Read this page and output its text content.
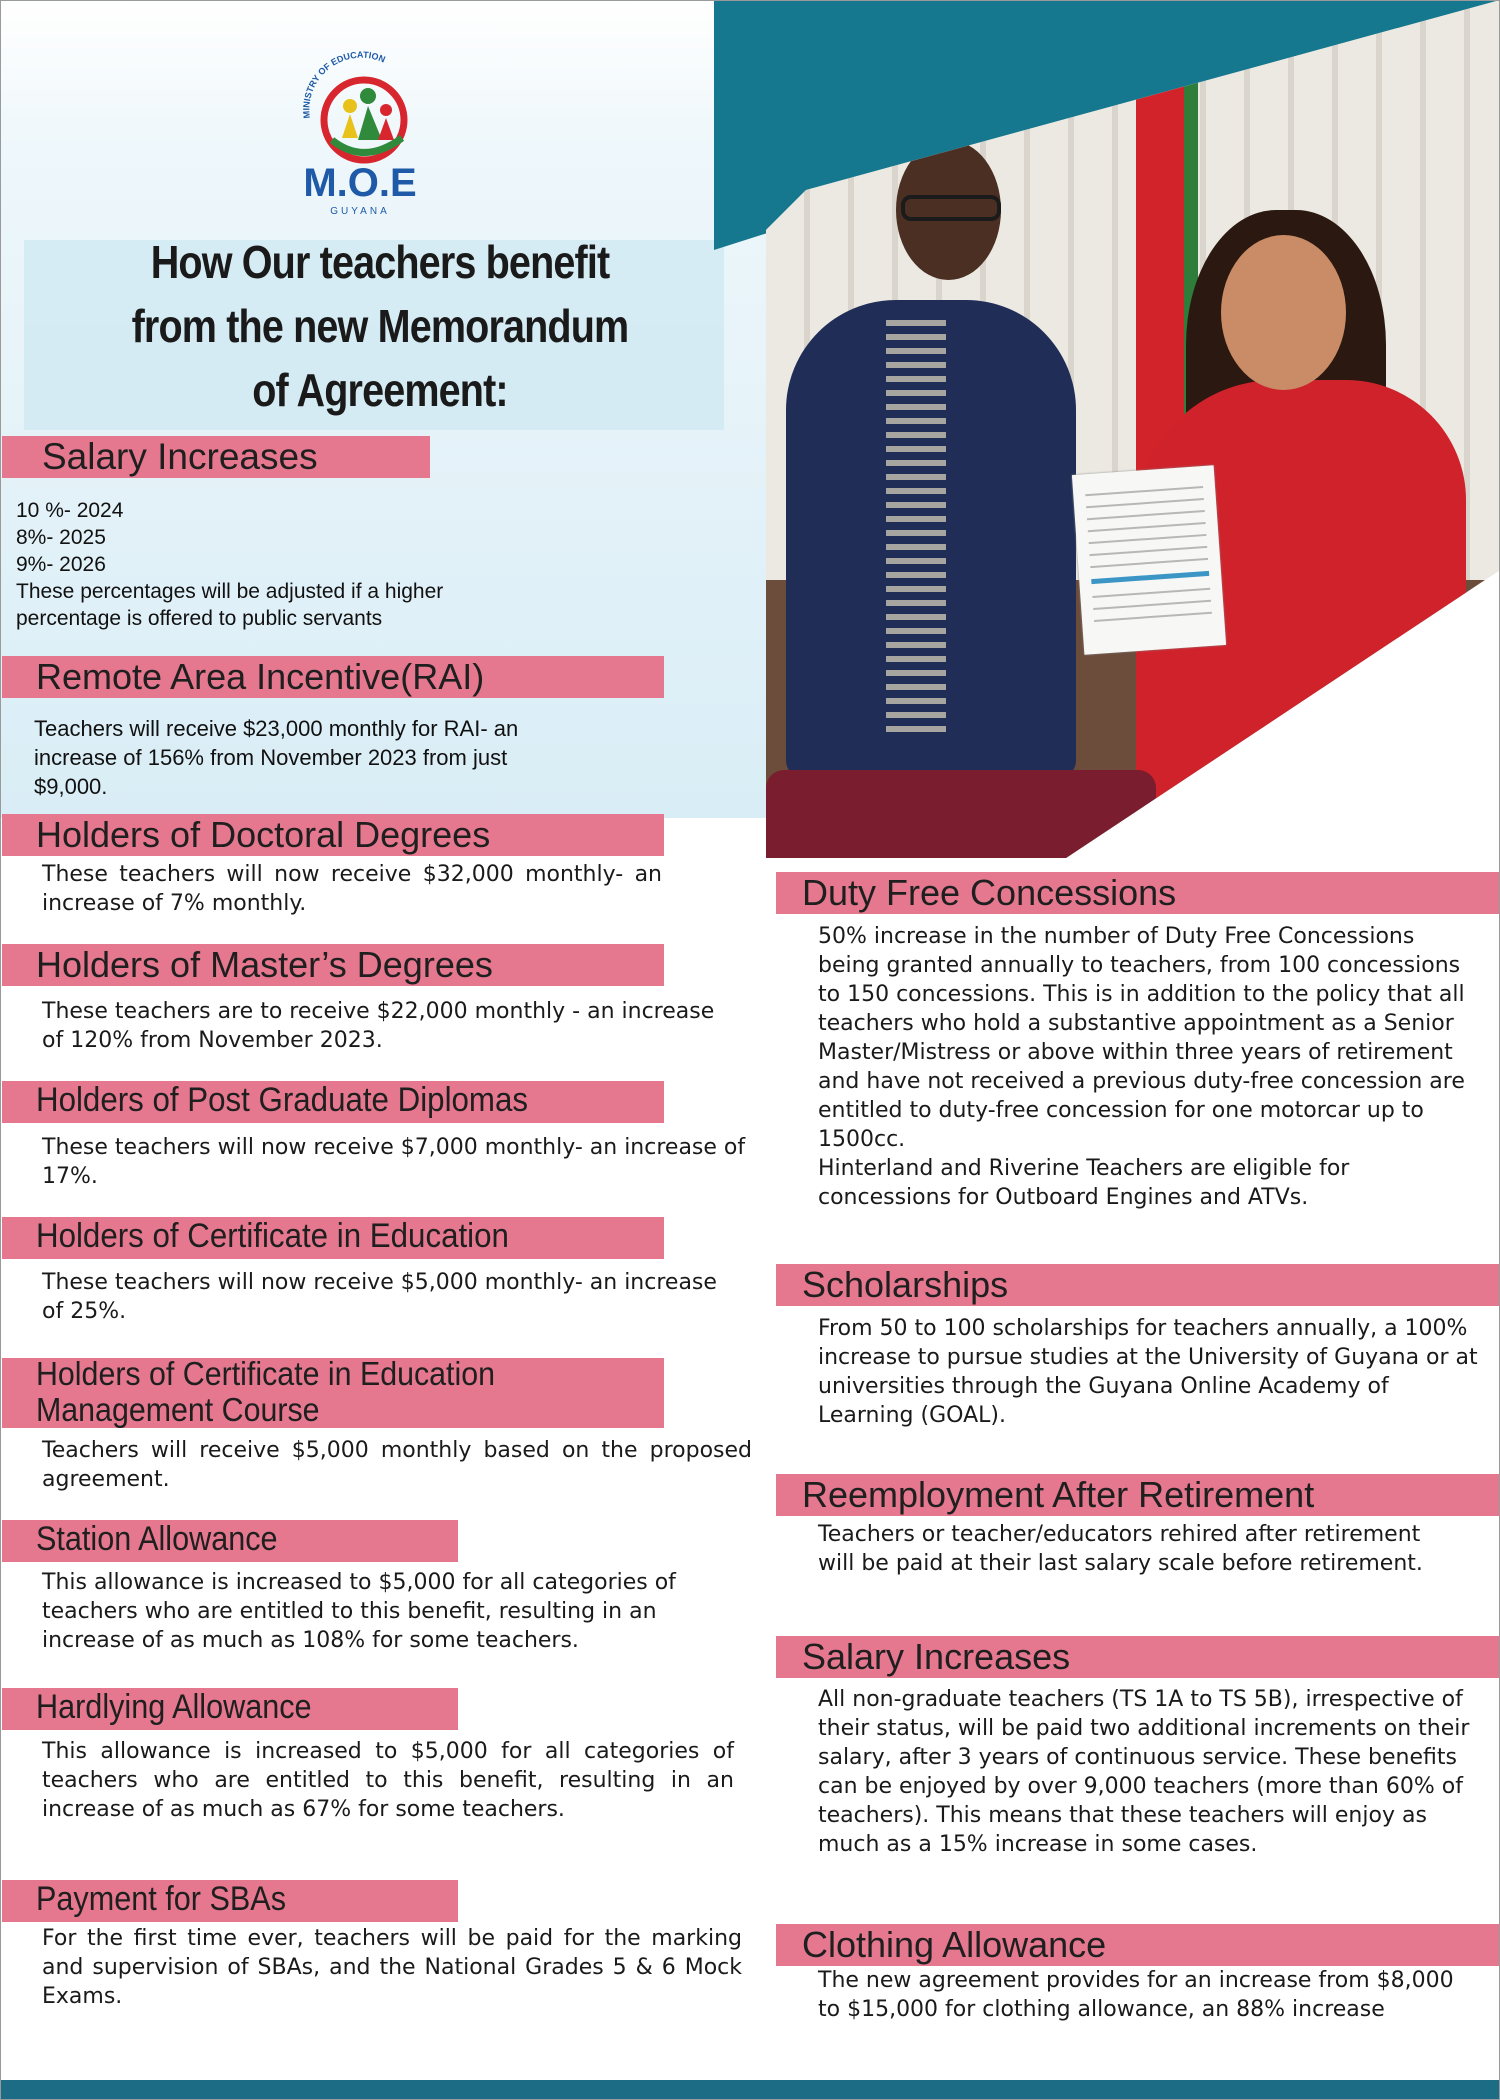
MINISTRY OF EDUCATION
M.O.E
GUYANA
How Our teachers benefit
from the new Memorandum
of Agreement:
Salary Increases
10 %- 2024
8%- 2025
9%- 2026
These percentages will be adjusted if a higher
percentage is offered to public servants
Remote Area Incentive(RAI)
Teachers will receive $23,000 monthly for RAI- an
increase of 156% from November 2023 from just
$9,000.
Holders of Doctoral Degrees

These teachers will now receive $32,000 monthly- an increase of 7% monthly.

Holders of Master’s Degrees

These teachers are to receive $22,000 monthly - an increase of 120% from November 2023.

Holders of Post Graduate Diplomas

These teachers will now receive $7,000 monthly- an increase of 17%.

Holders of Certificate in Education

These teachers will now receive $5,000 monthly- an increase of 25%.

Holders of Certificate in Education
Management Course

Teachers will receive $5,000 monthly based on the proposed agreement.

Station Allowance

This allowance is increased to $5,000 for all categories of teachers who are entitled to this benefit, resulting in an increase of as much as 108% for some teachers.

Hardlying Allowance

This allowance is increased to $5,000 for all categories of teachers who are entitled to this benefit, resulting in an increase of as much as 67% for some teachers.

Payment for SBAs

For the first time ever, teachers will be paid for the marking and supervision of SBAs, and the National Grades 5 & 6 Mock Exams.

Duty Free Concessions
50% increase in the number of Duty Free Concessions being granted annually to teachers, from 100 concessions to 150 concessions. This is in addition to the policy that all teachers who hold a substantive appointment as a Senior Master/Mistress or above within three years of retirement and have not received a previous duty-free concession are entitled to duty-free concession for one motorcar up to 1500cc.
Hinterland and Riverine Teachers are eligible for concessions for Outboard Engines and ATVs.
Scholarships

From 50 to 100 scholarships for teachers annually, a 100% increase to pursue studies at the University of Guyana or at universities through the Guyana Online Academy of Learning (GOAL).

Reemployment After Retirement

Teachers or teacher/educators rehired after retirement will be paid at their last salary scale before retirement.

Salary Increases

All non-graduate teachers (TS 1A to TS 5B), irrespective of their status, will be paid two additional increments on their salary, after 3 years of continuous service. These benefits can be enjoyed by over 9,000 teachers (more than 60% of teachers). This means that these teachers will enjoy as much as a 15% increase in some cases.

Clothing Allowance

The new agreement provides for an increase from $8,000 to $15,000 for clothing allowance, an 88% increase
